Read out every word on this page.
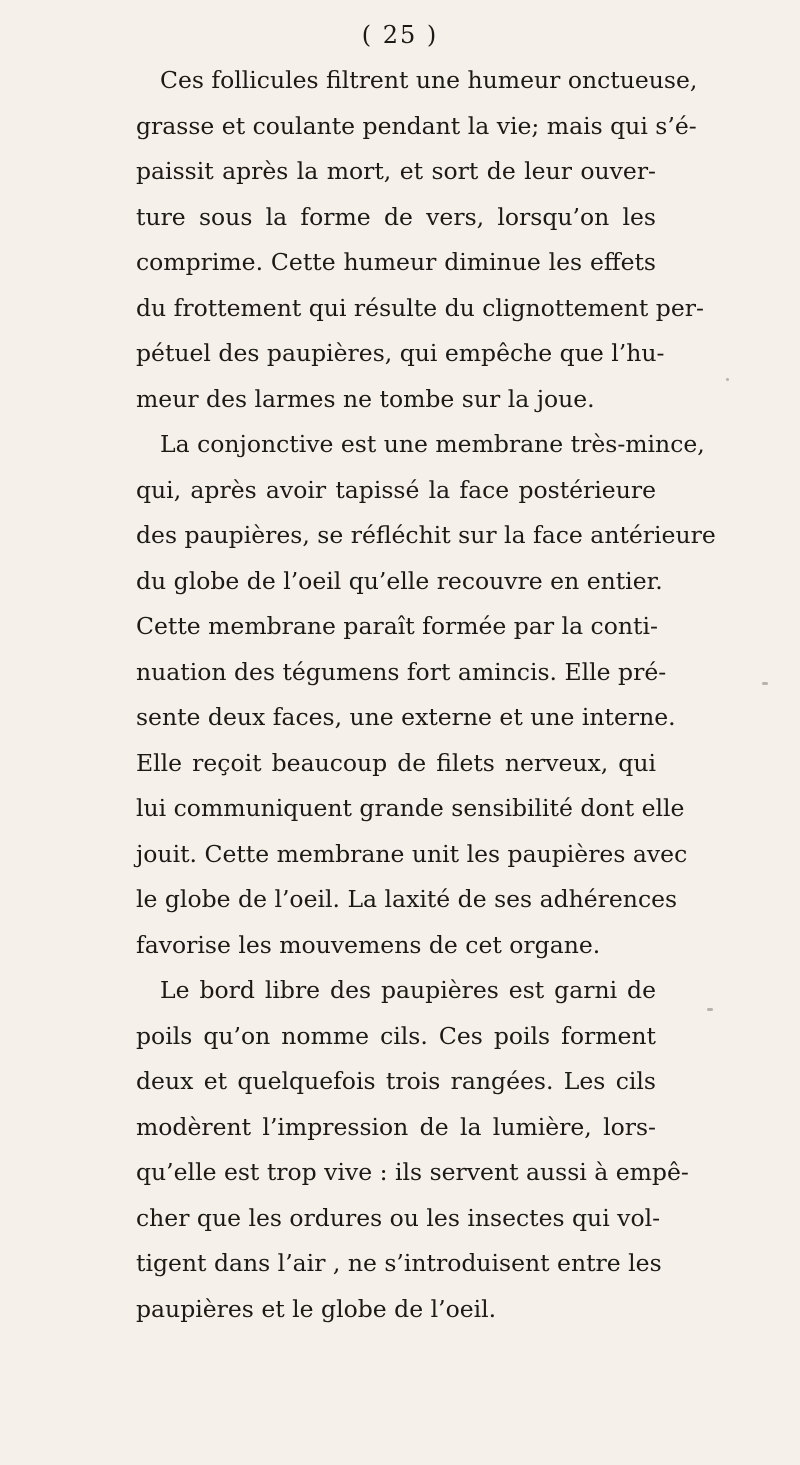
( 25 )
Ces follicules filtrent une humeur onctueuse,
grasse et coulante pendant la vie; mais qui s’é-
paissit après la mort, et sort de leur ouver-
ture sous la forme de vers, lorsqu’on les
comprime. Cette humeur diminue les effets
du frottement qui résulte du clignottement per-
pétuel des paupières, qui empêche que l’hu-
meur des larmes ne tombe sur la joue.
La conjonctive est une membrane très-mince,
qui, après avoir tapissé la face postérieure
des paupières, se réfléchit sur la face antérieure
du globe de l’oeil qu’elle recouvre en entier.
Cette membrane paraît formée par la conti-
nuation des tégumens fort amincis. Elle pré-
sente deux faces, une externe et une interne.
Elle reçoit beaucoup de filets nerveux, qui
lui communiquent grande sensibilité dont elle
jouit. Cette membrane unit les paupières avec
le globe de l’oeil. La laxité de ses adhérences
favorise les mouvemens de cet organe.
Le bord libre des paupières est garni de
poils qu’on nomme cils. Ces poils forment
deux et quelquefois trois rangées. Les cils
modèrent l’impression de la lumière, lors-
qu’elle est trop vive : ils servent aussi à empê-
cher que les ordures ou les insectes qui vol-
tigent dans l’air , ne s’introduisent entre les
paupières et le globe de l’oeil.
